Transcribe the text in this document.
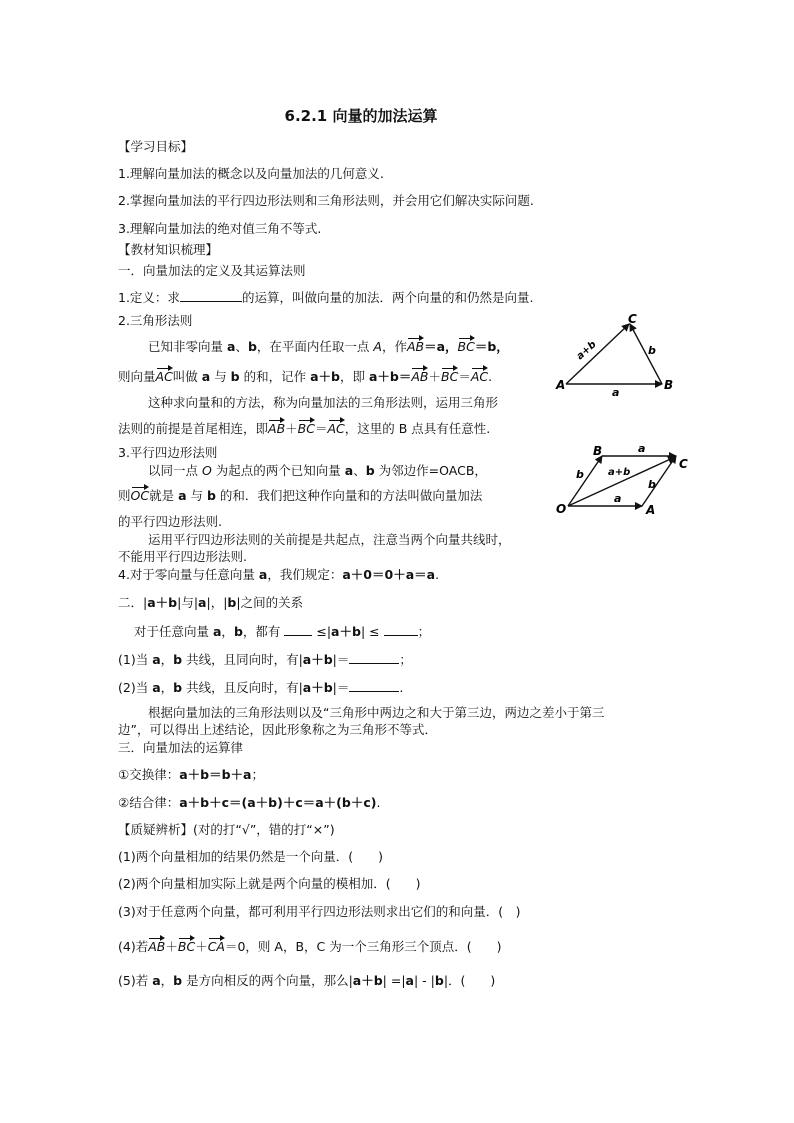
6.2.1 向量的加法运算
【学习目标】
1.理解向量加法的概念以及向量加法的几何意义.
2.掌握向量加法的平行四边形法则和三角形法则，并会用它们解决实际问题.
3.理解向量加法的绝对值三角不等式.
【教材知识梳理】
一．向量加法的定义及其运算法则
1.定义：求	的运算，叫做向量的加法．两个向量的和仍然是向量.
2.三角形法则
已知非零向量 a、b，在平面内任取一点 A，作AB＝a，BC＝b，
则向量AC叫做 a 与 b 的和，记作 a＋b，即 a＋b＝AB＋BC＝AC.
这种求向量和的方法，称为向量加法的三角形法则，运用三角形
法则的前提是首尾相连，即AB＋BC＝AC，这里的 B 点具有任意性.
3.平行四边形法则
以同一点 O 为起点的两个已知向量 a、b 为邻边作=OACB，
则OC就是 a 与 b 的和．我们把这种作向量和的方法叫做向量加法
的平行四边形法则.
运用平行四边形法则的关前提是共起点，注意当两个向量共线时，
不能用平行四边形法则.
4.对于零向量与任意向量 a，我们规定：a＋0＝0＋a＝a.
二．|a＋b|与|a|，|b|之间的关系
对于任意向量 a，b，都有  ≤|a＋b| ≤	；
(1)当 a，b 共线，且同向时，有|a＋b|＝	；
(2)当 a，b 共线，且反向时，有|a＋b|＝	.
根据向量加法的三角形法则以及“三角形中两边之和大于第三边，两边之差小于第三
边”，可以得出上述结论，因此形象称之为三角形不等式．
三．向量加法的运算律
①交换律：a＋b＝b＋a；
②结合律：a＋b＋c＝(a＋b)＋c＝a＋(b＋c).
【质疑辨析】(对的打“√”，错的打“×”)
(1)两个向量相加的结果仍然是一个向量．(　　)
(2)两个向量相加实际上就是两个向量的模相加．(　　)
(3)对于任意两个向量，都可利用平行四边形法则求出它们的和向量．(　)
(4)若AB＋BC＋CA＝0，则 A，B，C 为一个三角形三个顶点．(　　)
(5)若 a，b 是方向相反的两个向量，那么|a＋b| =|a| - |b|．(　　)
A	B
C
a+b
a
b
O	A
B
C
a
a
b
b
a+b
